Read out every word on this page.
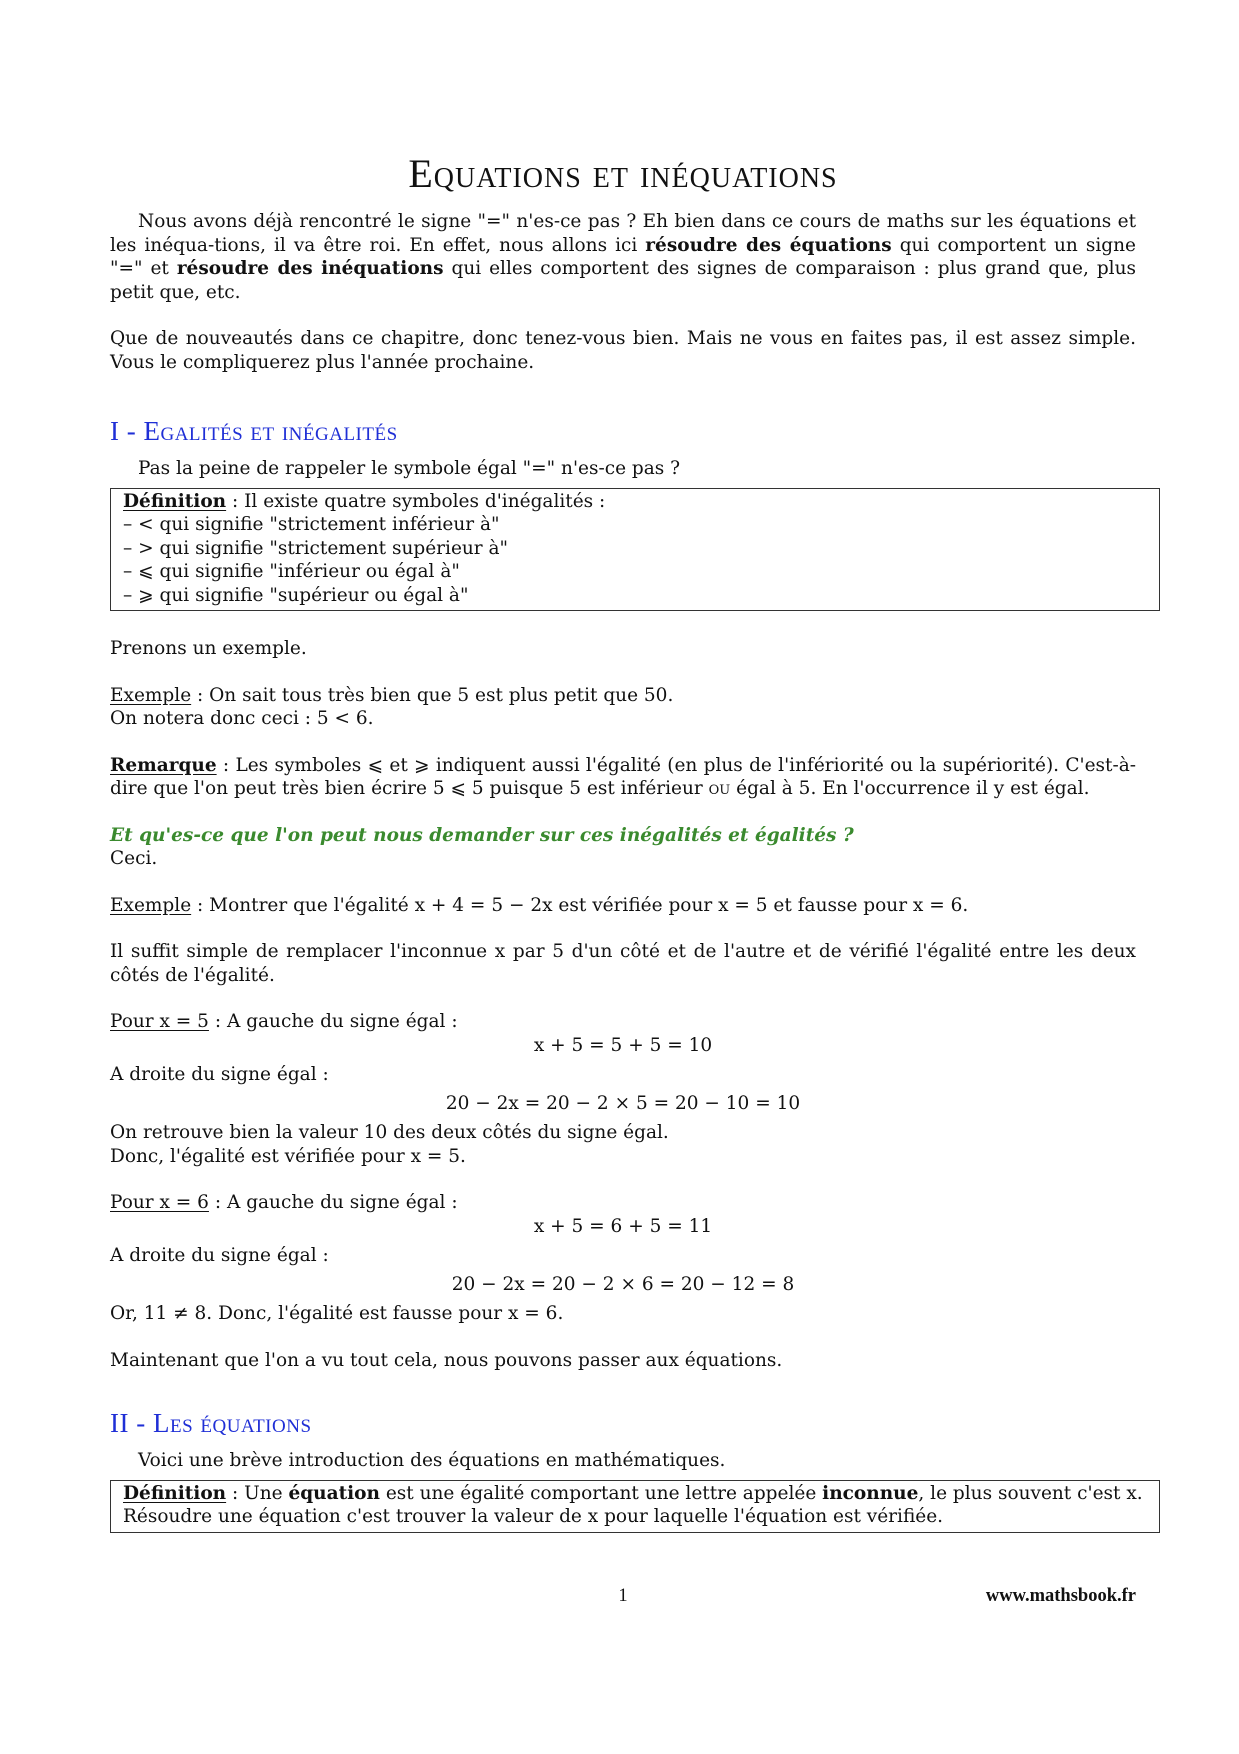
Equations et inéquations

Nous avons déjà rencontré le signe "=" n'es-ce pas ? Eh bien dans ce cours de maths sur les équations et les inéqua-tions, il va être roi. En effet, nous allons ici résoudre des équations qui comportent un signe "=" et résoudre des inéquations qui elles comportent des signes de comparaison : plus grand que, plus petit que, etc.

Que de nouveautés dans ce chapitre, donc tenez-vous bien. Mais ne vous en faites pas, il est assez simple. Vous le compliquerez plus l'année prochaine.

I - Egalités et inégalités

Pas la peine de rappeler le symbole égal "=" n'es-ce pas ?

Définition : Il existe quatre symboles d'inégalités :
– < qui signifie "strictement inférieur à"
– > qui signifie "strictement supérieur à"
– ⩽ qui signifie "inférieur ou égal à"
– ⩾ qui signifie "supérieur ou égal à"

Prenons un exemple.

Exemple : On sait tous très bien que 5 est plus petit que 50.

On notera donc ceci : 5 < 6.

Remarque : Les symboles ⩽ et ⩾ indiquent aussi l'égalité (en plus de l'infériorité ou la supériorité). C'est-à-dire que l'on peut très bien écrire 5 ⩽ 5 puisque 5 est inférieur ou égal à 5. En l'occurrence il y est égal.

Et qu'es-ce que l'on peut nous demander sur ces inégalités et égalités ?

Ceci.

Exemple : Montrer que l'égalité x + 4 = 5 − 2x est vérifiée pour x = 5 et fausse pour x = 6.

Il suffit simple de remplacer l'inconnue x par 5 d'un côté et de l'autre et de vérifié l'égalité entre les deux côtés de l'égalité.

Pour x = 5 : A gauche du signe égal :

x + 5 = 5 + 5 = 10

A droite du signe égal :

20 − 2x = 20 − 2 × 5 = 20 − 10 = 10

On retrouve bien la valeur 10 des deux côtés du signe égal.

Donc, l'égalité est vérifiée pour x = 5.

Pour x = 6 : A gauche du signe égal :

x + 5 = 6 + 5 = 11

A droite du signe égal :

20 − 2x = 20 − 2 × 6 = 20 − 12 = 8

Or, 11 ≠ 8. Donc, l'égalité est fausse pour x = 6.

Maintenant que l'on a vu tout cela, nous pouvons passer aux équations.

II - Les équations

Voici une brève introduction des équations en mathématiques.

Définition : Une équation est une égalité comportant une lettre appelée inconnue, le plus souvent c'est x.
Résoudre une équation c'est trouver la valeur de x pour laquelle l'équation est vérifiée.
1	www.mathsbook.fr
